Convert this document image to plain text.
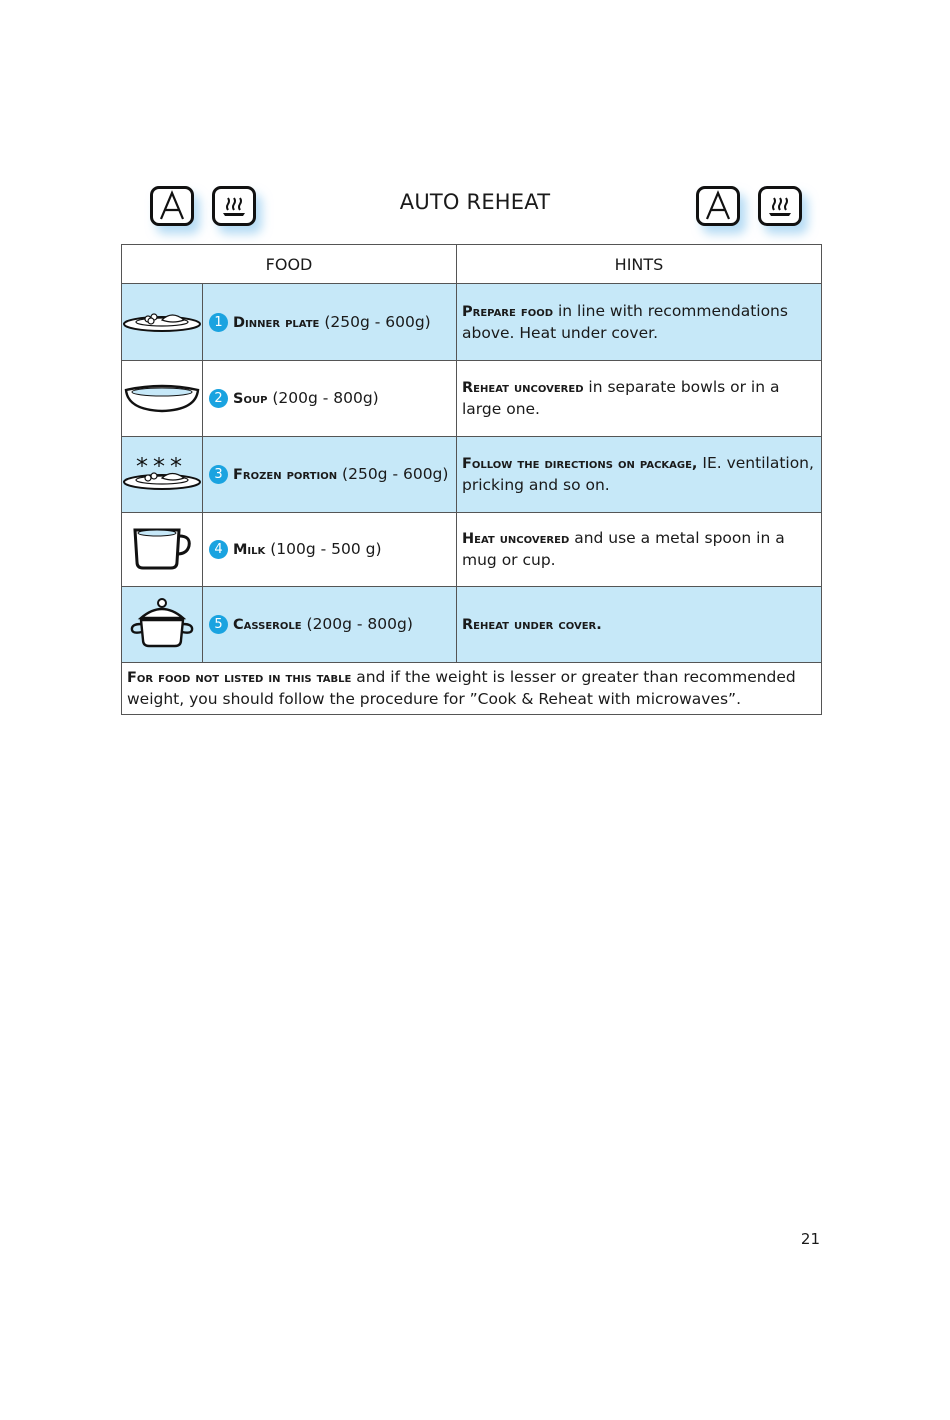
AUTO REHEAT
FOOD		HINTS
	1 Dinner plate (250g - 600g)	Prepare food in line with recommendations above. Heat under cover.
	2 Soup (200g - 800g)	Reheat uncovered in separate bowls or in a large one.
	3 Frozen portion (250g - 600g)	Follow the directions on package, IE. ventilation, pricking and so on.
	4 Milk (100g - 500 g)	Heat uncovered and use a metal spoon in a mug or cup.
	5 Casserole (200g - 800g)	Reheat under cover.
For food not listed in this table and if the weight is lesser or greater than recommended weight, you should follow the procedure for ”Cook & Reheat with microwaves”.		
21
